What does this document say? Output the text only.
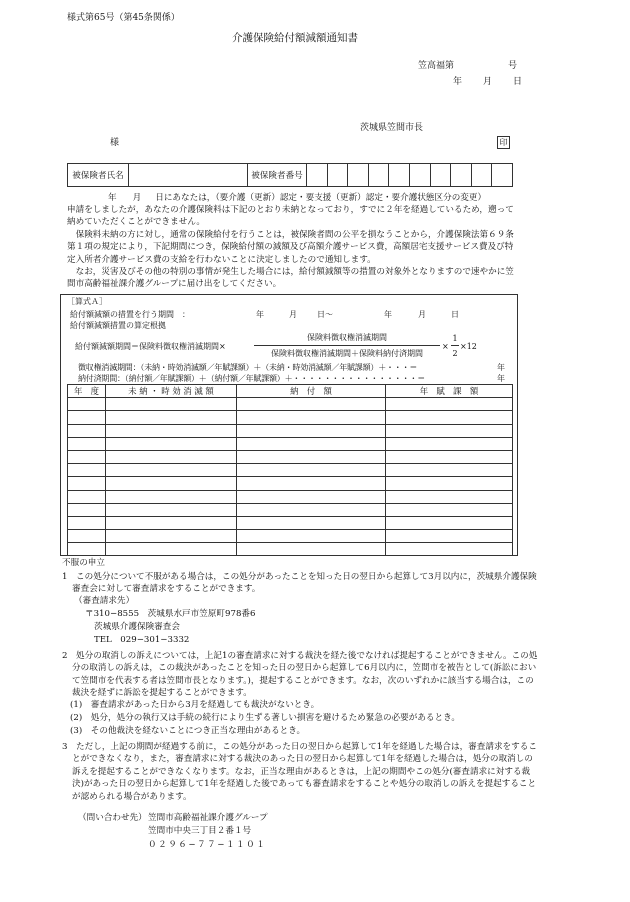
様式第65号（第45条関係）
介護保険給付額減額通知書
笠高福第	号
年 月 日
茨城県笠間市長
印
様
被保険者氏名		被保険者番号										
年 月 日にあなたは，（要介護（更新）認定・要支援（更新）認定・要介護状態区分の変更）
申請をしましたが，あなたの介護保険料は下記のとおり未納となっており，すでに２年を経過しているため，遡って納めていただくことができません。
保険料未納の方に対し，通常の保険給付を行うことは，被保険者間の公平を損なうことから，介護保険法第６９条第１項の規定により，下記期間につき，保険給付額の減額及び高額介護サービス費，高額居宅支援サービス費及び特定入所者介護サービス費の支給を行わないことに決定しましたので通知します。
なお，災害及びその他の特別の事情が発生した場合には，給付額減額等の措置の対象外となりますので速やかに笠間市高齢福祉課介護グループに届け出をしてください。
［算式Ａ］
給付額減額の措置を行う期間　：	年	月	日〜	年	月	日
給付額減額措置の算定根拠
給付額減額期間＝保険料徴収権消滅期間×
保険料徴収権消滅期間
保険料徴収権消滅期間＋保険料納付済期間
×
1
2
×12
徴収権消滅期間：（未納・時効消滅額／年賦課額）＋（未納・時効消滅額／年賦課額）＋・・・＝	年
納付済期間：（納付額／年賦課額）＋（納付額／年賦課額）＋・・・・・・・・・・・・・・・・＝	年
年　度	未 納 ・ 時 効 消 滅 額	納　付　額	年　賦　課　額

不服の申立
1　この処分について不服がある場合は，この処分があったことを知った日の翌日から起算して3月以内に，茨城県介護保険審査会に対して審査請求をすることができます。
（審査請求先）
〒310−8555　茨城県水戸市笠原町978番6
茨城県介護保険審査会
TEL　029−301−3332
2　処分の取消しの訴えについては，上記1の審査請求に対する裁決を経た後でなければ提起することができません。この処分の取消しの訴えは，この裁決があったことを知った日の翌日から起算して6月以内に，笠間市を被告として(訴訟において笠間市を代表する者は笠間市長となります。)，提起することができます。なお，次のいずれかに該当する場合は，この裁決を経ずに訴訟を提起することができます。
(1)　審査請求があった日から3月を経過しても裁決がないとき。
(2)　処分，処分の執行又は手続の続行により生ずる著しい損害を避けるため緊急の必要があるとき。
(3)　その他裁決を経ないことにつき正当な理由があるとき。
3　ただし，上記の期間が経過する前に，この処分があった日の翌日から起算して1年を経過した場合は，審査請求をすることができなくなり，また，審査請求に対する裁決のあった日の翌日から起算して1年を経過した場合は，処分の取消しの訴えを提起することができなくなります。なお，正当な理由があるときは，上記の期間やこの処分(審査請求に対する裁決)があった日の翌日から起算して1年を経過した後であっても審査請求をすることや処分の取消しの訴えを提起することが認められる場合があります。
（問い合わせ先） 笠間市高齢福祉課介護グループ
笠間市中央三丁目２番１号
０２９６−７７−１１０１
